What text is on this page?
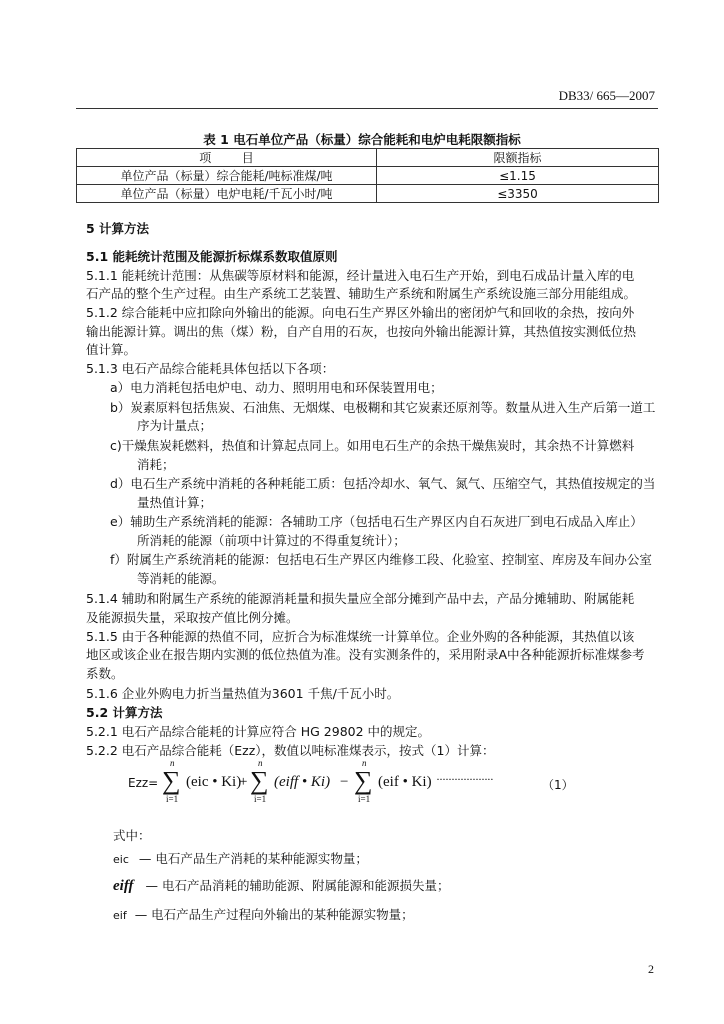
DB33/ 665—2007
表 1 电石单位产品（标量）综合能耗和电炉电耗限额指标
项        目	限额指标
单位产品（标量）综合能耗/吨标准煤/吨	≤1.15
单位产品（标量）电炉电耗/千瓦小时/吨	≤3350
5 计算方法
5.1 能耗统计范围及能源折标煤系数取值原则
5.1.1 能耗统计范围：从焦碳等原材料和能源，经计量进入电石生产开始，到电石成品计量入库的电
石产品的整个生产过程。由生产系统工艺装置、辅助生产系统和附属生产系统设施三部分用能组成。
5.1.2 综合能耗中应扣除向外输出的能源。向电石生产界区外输出的密闭炉气和回收的余热，按向外
输出能源计算。调出的焦（煤）粉，自产自用的石灰，也按向外输出能源计算，其热值按实测低位热
值计算。
5.1.3 电石产品综合能耗具体包括以下各项：
a）电力消耗包括电炉电、动力、照明用电和环保装置用电；
b）炭素原料包括焦炭、石油焦、无烟煤、电极糊和其它炭素还原剂等。数量从进入生产后第一道工
序为计量点；
c)干燥焦炭耗燃料，热值和计算起点同上。如用电石生产的余热干燥焦炭时，其余热不计算燃料
消耗；
d）电石生产系统中消耗的各种耗能工质：包括冷却水、氧气、氮气、压缩空气，其热值按规定的当
量热值计算；
e）辅助生产系统消耗的能源：各辅助工序（包括电石生产界区内自石灰进厂到电石成品入库止）
所消耗的能源（前项中计算过的不得重复统计）；
f）附属生产系统消耗的能源：包括电石生产界区内维修工段、化验室、控制室、库房及车间办公室
等消耗的能源。
5.1.4 辅助和附属生产系统的能源消耗量和损失量应全部分摊到产品中去，产品分摊辅助、附属能耗
及能源损失量，采取按产值比例分摊。
5.1.5 由于各种能源的热值不同，应折合为标准煤统一计算单位。企业外购的各种能源，其热值以该
地区或该企业在报告期内实测的低位热值为准。没有实测条件的，采用附录A中各种能源折标准煤参考
系数。
5.1.6 企业外购电力折当量热值为3601 千焦/千瓦小时。
5.2 计算方法
5.2.1 电石产品综合能耗的计算应符合 HG 29802 中的规定。
5.2.2 电石产品综合能耗（Ezz），数值以吨标准煤表示，按式（1）计算：
Ezz=
n
∑
i=1
(eic • Ki)
+
n
∑
i=1
(eiff • Ki) −
n
∑
i=1
(eif • Ki) ···················	（1）
式中：
eic — 电石产品生产消耗的某种能源实物量；
eiff — 电石产品消耗的辅助能源、附属能源和能源损失量；
eif — 电石产品生产过程向外输出的某种能源实物量；
2
